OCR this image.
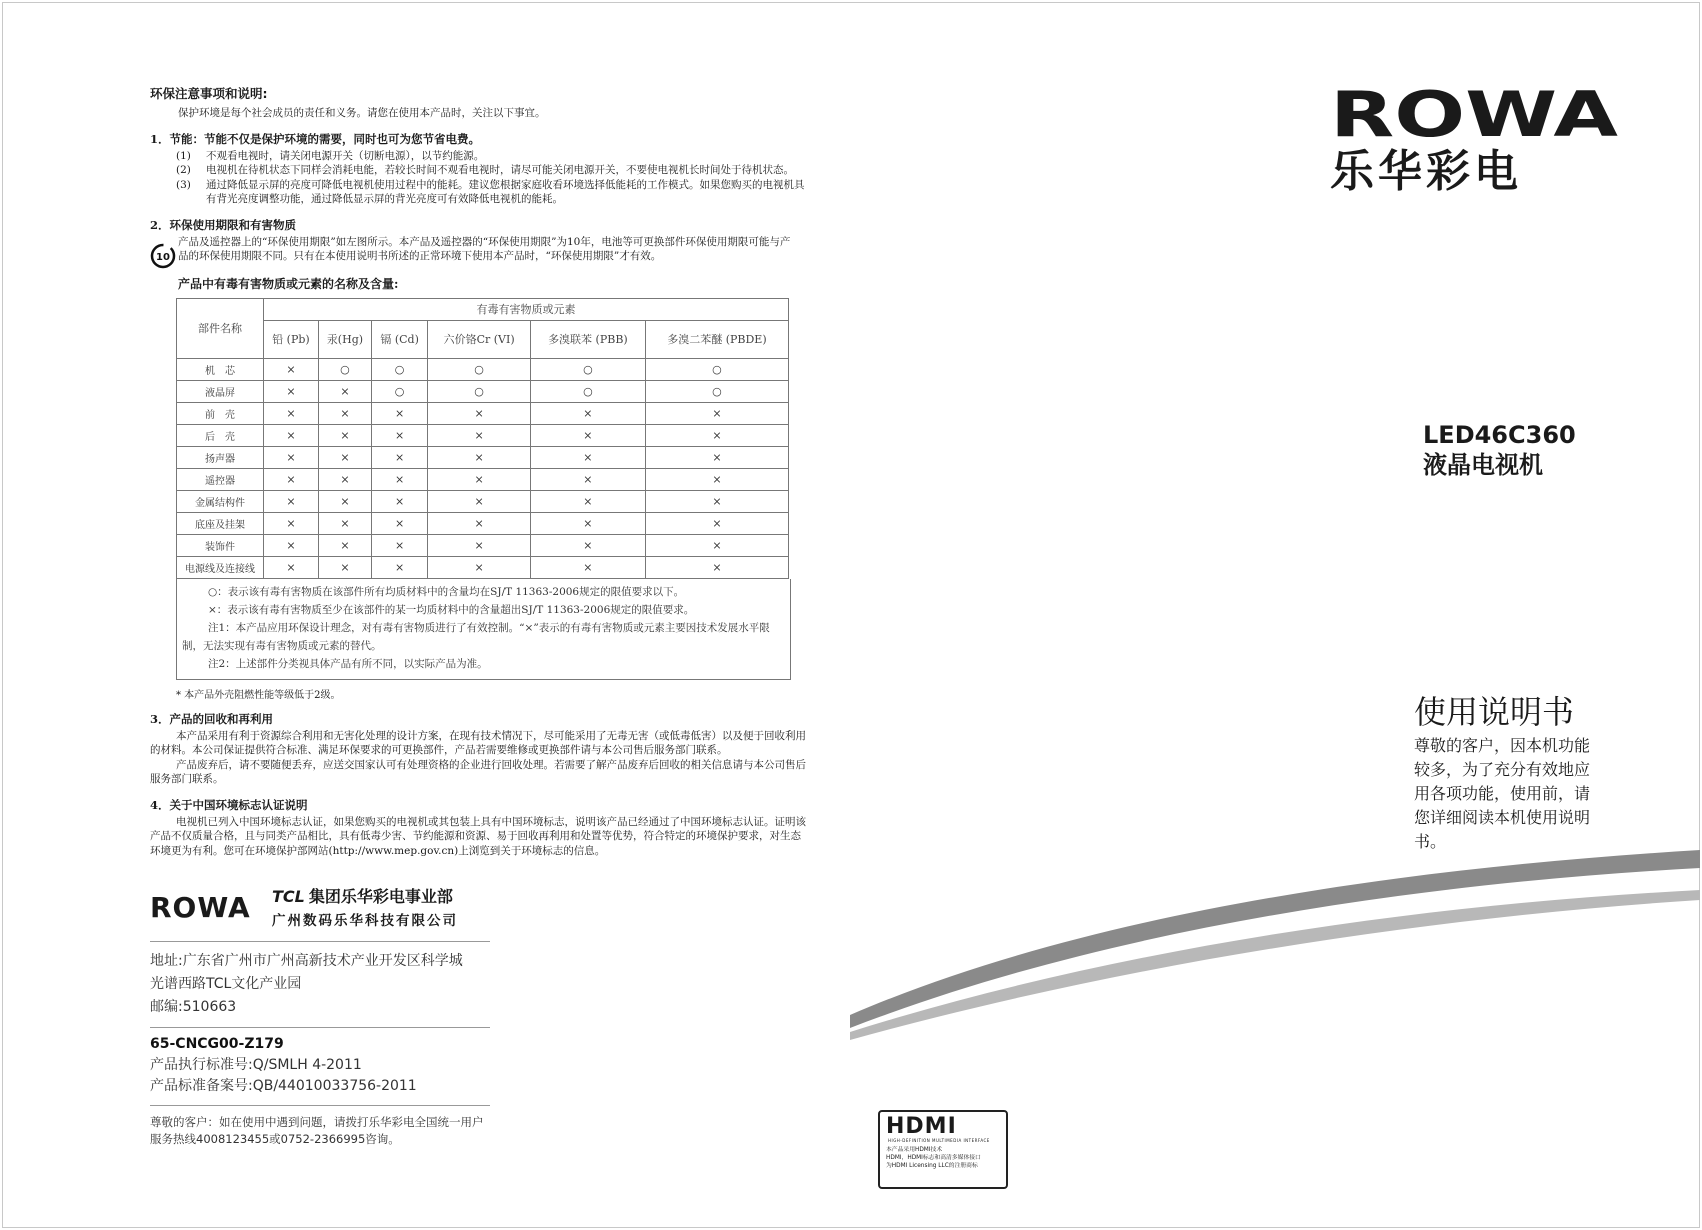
环保注意事项和说明:

保护环境是每个社会成员的责任和义务。请您在使用本产品时，关注以下事宜。

1．节能：节能不仅是保护环境的需要，同时也可为您节省电费。
(1)	不观看电视时，请关闭电源开关（切断电源），以节约能源。
(2)	电视机在待机状态下同样会消耗电能，若较长时间不观看电视时，请尽可能关闭电源开关，不要使电视机长时间处于待机状态。
(3)	通过降低显示屏的亮度可降低电视机使用过程中的能耗。建议您根据家庭收看环境选择低能耗的工作模式。如果您购买的电视机具有背光亮度调整功能，通过降低显示屏的背光亮度可有效降低电视机的能耗。
2．环保使用期限和有害物质
10

产品及遥控器上的“环保使用期限”如左图所示。本产品及遥控器的“环保使用期限”为10年，电池等可更换部件环保使用期限可能与产品的环保使用期限不同。只有在本使用说明书所述的正常环境下使用本产品时，“环保使用期限”才有效。

产品中有毒有害物质或元素的名称及含量:
部件名称	有毒有害物质或元素					
	铅 (Pb)	汞(Hg)	镉 (Cd)	六价铬Cr (VI)	多溴联苯 (PBB)	多溴二苯醚 (PBDE)
机　芯	×	○	○	○	○	○
液晶屏	×	×	○	○	○	○
前　壳	×	×	×	×	×	×
后　壳	×	×	×	×	×	×
扬声器	×	×	×	×	×	×
遥控器	×	×	×	×	×	×
金属结构件	×	×	×	×	×	×
底座及挂架	×	×	×	×	×	×
装饰件	×	×	×	×	×	×
电源线及连接线	×	×	×	×	×	×
○：表示该有毒有害物质在该部件所有均质材料中的含量均在SJ/T 11363-2006规定的限值要求以下。
×：表示该有毒有害物质至少在该部件的某一均质材料中的含量超出SJ/T 11363-2006规定的限值要求。
注1：本产品应用环保设计理念，对有毒有害物质进行了有效控制。“×”表示的有毒有害物质或元素主要因技术发展水平限制，无法实现有毒有害物质或元素的替代。
注2：上述部件分类视具体产品有所不同，以实际产品为准。
* 本产品外壳阻燃性能等级低于2级。
3．产品的回收和再利用

本产品采用有利于资源综合利用和无害化处理的设计方案，在现有技术情况下，尽可能采用了无毒无害（或低毒低害）以及便于回收利用的材料。本公司保证提供符合标准、满足环保要求的可更换部件，产品若需要维修或更换部件请与本公司售后服务部门联系。

产品废弃后，请不要随便丢弃，应送交国家认可有处理资格的企业进行回收处理。若需要了解产品废弃后回收的相关信息请与本公司售后服务部门联系。

4．关于中国环境标志认证说明

电视机已列入中国环境标志认证，如果您购买的电视机或其包装上具有中国环境标志，说明该产品已经通过了中国环境标志认证。证明该产品不仅质量合格，且与同类产品相比，具有低毒少害、节约能源和资源、易于回收再利用和处置等优势，符合特定的环境保护要求，对生态环境更为有利。您可在环境保护部网站(http://www.mep.gov.cn)上浏览到关于环境标志的信息。

ROWA TCL 集团乐华彩电事业部
广州数码乐华科技有限公司
地址:广东省广州市广州高新技术产业开发区科学城
光谱西路TCL文化产业园
邮编:510663
65-CNCG00-Z179
产品执行标准号:Q/SMLH 4-2011
产品标准备案号:QB/44010033756-2011
尊敬的客户：如在使用中遇到问题，请拨打乐华彩电全国统一用户服务热线4008123455或0752-2366995咨询。
ROWA
乐华彩电
LED46C360
液晶电视机
使用说明书
尊敬的客户，因本机功能较多，为了充分有效地应用各项功能，使用前，请您详细阅读本机使用说明书。
HDMI
HIGH-DEFINITION MULTIMEDIA INTERFACE
本产品采用HDMI技术
HDMI，HDMI标志和高清多媒体接口
为HDMI Licensing LLC的注册商标
